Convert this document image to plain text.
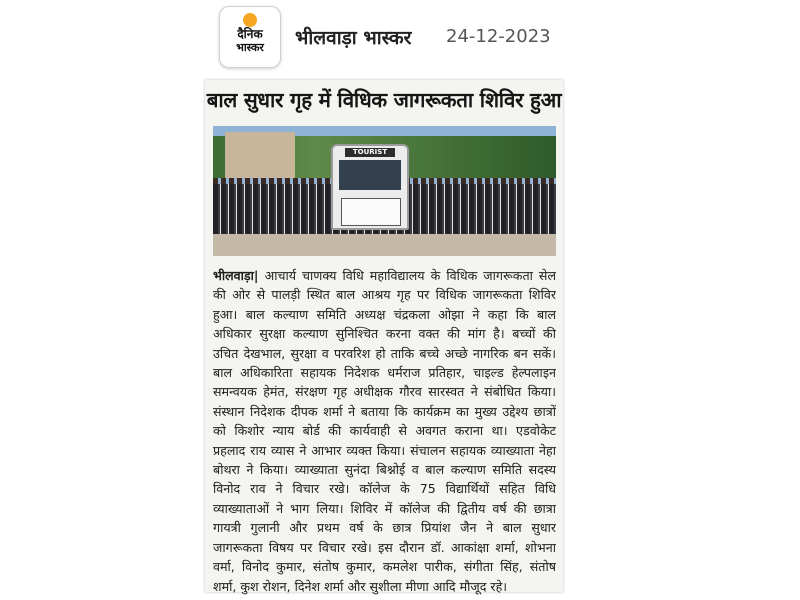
दैनिक
भास्कर	भीलवाड़ा भास्कर 24-12-2023
बाल सुधार गृह में विधिक जागरूकता शिविर हुआ
TOURIST
भीलवाड़ा| आचार्य चाणक्य विधि महाविद्यालय के विधिक जागरूकता सेल
की ओर से पालड़ी स्थित बाल आश्रय गृह पर विधिक जागरूकता शिविर
हुआ। बाल कल्याण समिति अध्यक्ष चंद्रकला ओझा ने कहा कि बाल
अधिकार सुरक्षा कल्याण सुनिश्चित करना वक्त की मांग है। बच्चों की
उचित देखभाल, सुरक्षा व परवरिश हो ताकि बच्चे अच्छे नागरिक बन सकें।
बाल अधिकारिता सहायक निदेशक धर्मराज प्रतिहार, चाइल्ड हेल्पलाइन
समन्वयक हेमंत, संरक्षण गृह अधीक्षक गौरव सारस्वत ने संबोधित किया।
संस्थान निदेशक दीपक शर्मा ने बताया कि कार्यक्रम का मुख्य उद्देश्य छात्रों
को किशोर न्याय बोर्ड की कार्यवाही से अवगत कराना था। एडवोकेट
प्रहलाद राय व्यास ने आभार व्यक्त किया। संचालन सहायक व्याख्याता नेहा
बोथरा ने किया। व्याख्याता सुनंदा बिश्नोई व बाल कल्याण समिति सदस्य
विनोद राव ने विचार रखे। कॉलेज के 75 विद्यार्थियों सहित विधि
व्याख्याताओं ने भाग लिया। शिविर में कॉलेज की द्वितीय वर्ष की छात्रा
गायत्री गुलानी और प्रथम वर्ष के छात्र प्रियांश जैन ने बाल सुधार
जागरूकता विषय पर विचार रखे। इस दौरान डॉ. आकांक्षा शर्मा, शोभना
वर्मा, विनोद कुमार, संतोष कुमार, कमलेश पारीक, संगीता सिंह, संतोष
शर्मा, कुश रोशन, दिनेश शर्मा और सुशीला मीणा आदि मौजूद रहे।
